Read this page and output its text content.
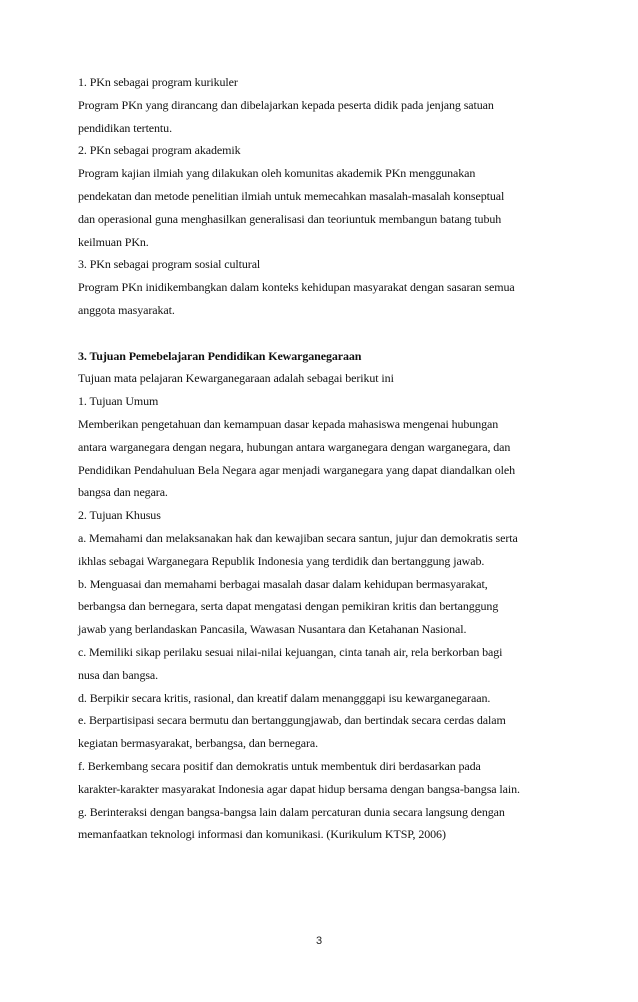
1. PKn sebagai program kurikuler
Program PKn yang dirancang dan dibelajarkan kepada peserta didik pada jenjang satuan
pendidikan tertentu.
2. PKn sebagai program akademik
Program kajian ilmiah yang dilakukan oleh komunitas akademik PKn menggunakan
pendekatan dan metode penelitian ilmiah untuk memecahkan masalah-masalah konseptual
dan operasional guna menghasilkan generalisasi dan teoriuntuk membangun batang tubuh
keilmuan PKn.
3. PKn sebagai program sosial cultural
Program PKn inidikembangkan dalam konteks kehidupan masyarakat dengan sasaran semua
anggota masyarakat.
3. Tujuan Pemebelajaran Pendidikan Kewarganegaraan
Tujuan mata pelajaran Kewarganegaraan adalah sebagai berikut ini
1. Tujuan Umum
Memberikan pengetahuan dan kemampuan dasar kepada mahasiswa mengenai hubungan
antara warganegara dengan negara, hubungan antara warganegara dengan warganegara, dan
Pendidikan Pendahuluan Bela Negara agar menjadi warganegara yang dapat diandalkan oleh
bangsa dan negara.
2. Tujuan Khusus
a. Memahami dan melaksanakan hak dan kewajiban secara santun, jujur dan demokratis serta
ikhlas sebagai Warganegara Republik Indonesia yang terdidik dan bertanggung jawab.
b. Menguasai dan memahami berbagai masalah dasar dalam kehidupan bermasyarakat,
berbangsa dan bernegara, serta dapat mengatasi dengan pemikiran kritis dan bertanggung
jawab yang berlandaskan Pancasila, Wawasan Nusantara dan Ketahanan Nasional.
c. Memiliki sikap perilaku sesuai nilai-nilai kejuangan, cinta tanah air, rela berkorban bagi
nusa dan bangsa.
d. Berpikir secara kritis, rasional, dan kreatif dalam menangggapi isu kewarganegaraan.
e. Berpartisipasi secara bermutu dan bertanggungjawab, dan bertindak secara cerdas dalam
kegiatan bermasyarakat, berbangsa, dan bernegara.
f. Berkembang secara positif dan demokratis untuk membentuk diri berdasarkan pada
karakter-karakter masyarakat Indonesia agar dapat hidup bersama dengan bangsa-bangsa lain.
g. Berinteraksi dengan bangsa-bangsa lain dalam percaturan dunia secara langsung dengan
memanfaatkan teknologi informasi dan komunikasi. (Kurikulum KTSP, 2006)
3
